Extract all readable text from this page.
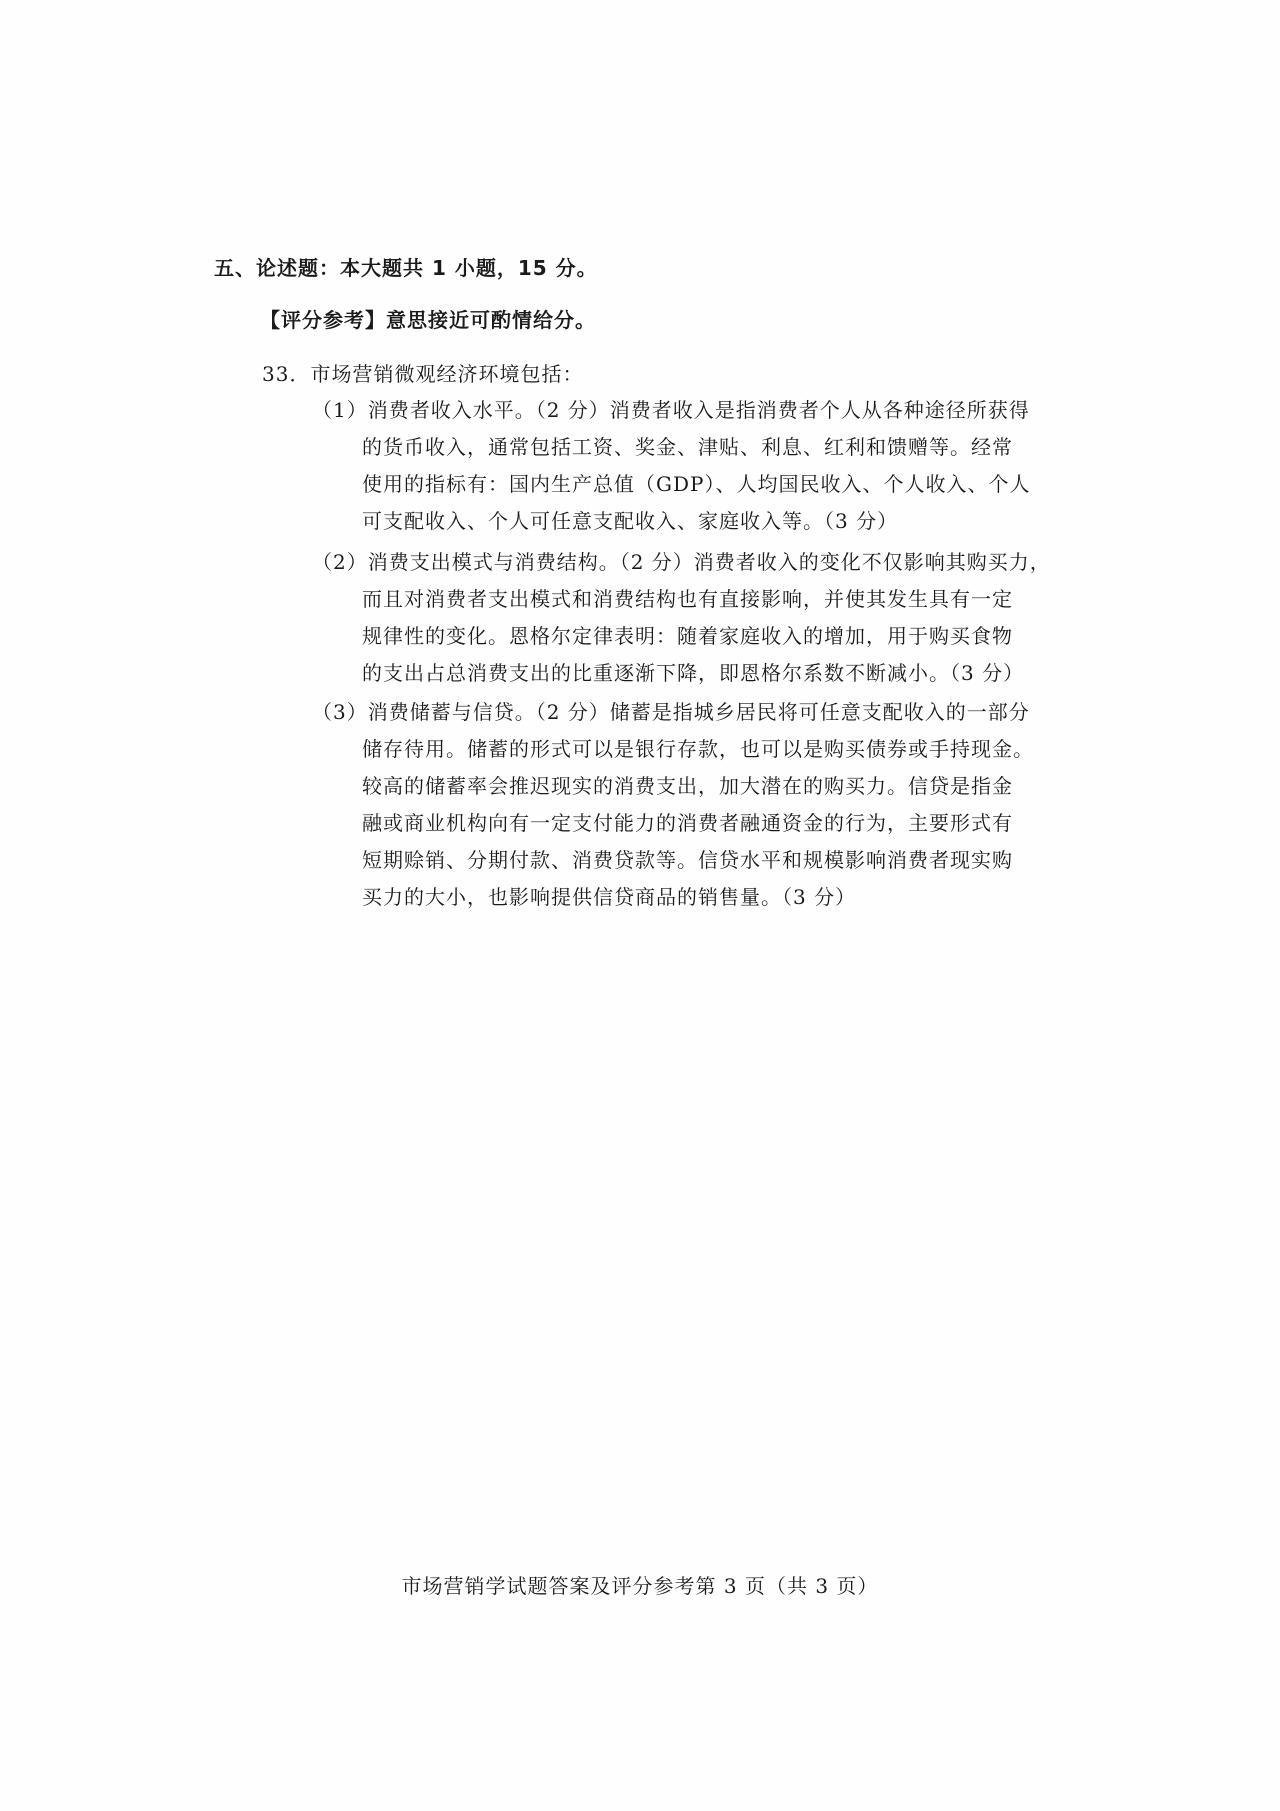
五、论述题：本大题共 1 小题，15 分。
【评分参考】意思接近可酌情给分。
33．市场营销微观经济环境包括：
（1）消费者收入水平。（2 分）消费者收入是指消费者个人从各种途径所获得
的货币收入，通常包括工资、奖金、津贴、利息、红利和馈赠等。经常
使用的指标有：国内生产总值（GDP）、人均国民收入、个人收入、个人
可支配收入、个人可任意支配收入、家庭收入等。（3 分）
（2）消费支出模式与消费结构。（2 分）消费者收入的变化不仅影响其购买力，
而且对消费者支出模式和消费结构也有直接影响，并使其发生具有一定
规律性的变化。恩格尔定律表明：随着家庭收入的增加，用于购买食物
的支出占总消费支出的比重逐渐下降，即恩格尔系数不断减小。（3 分）
（3）消费储蓄与信贷。（2 分）储蓄是指城乡居民将可任意支配收入的一部分
储存待用。储蓄的形式可以是银行存款，也可以是购买债券或手持现金。
较高的储蓄率会推迟现实的消费支出，加大潜在的购买力。信贷是指金
融或商业机构向有一定支付能力的消费者融通资金的行为，主要形式有
短期赊销、分期付款、消费贷款等。信贷水平和规模影响消费者现实购
买力的大小，也影响提供信贷商品的销售量。（3 分）
市场营销学试题答案及评分参考第 3 页（共 3 页）
